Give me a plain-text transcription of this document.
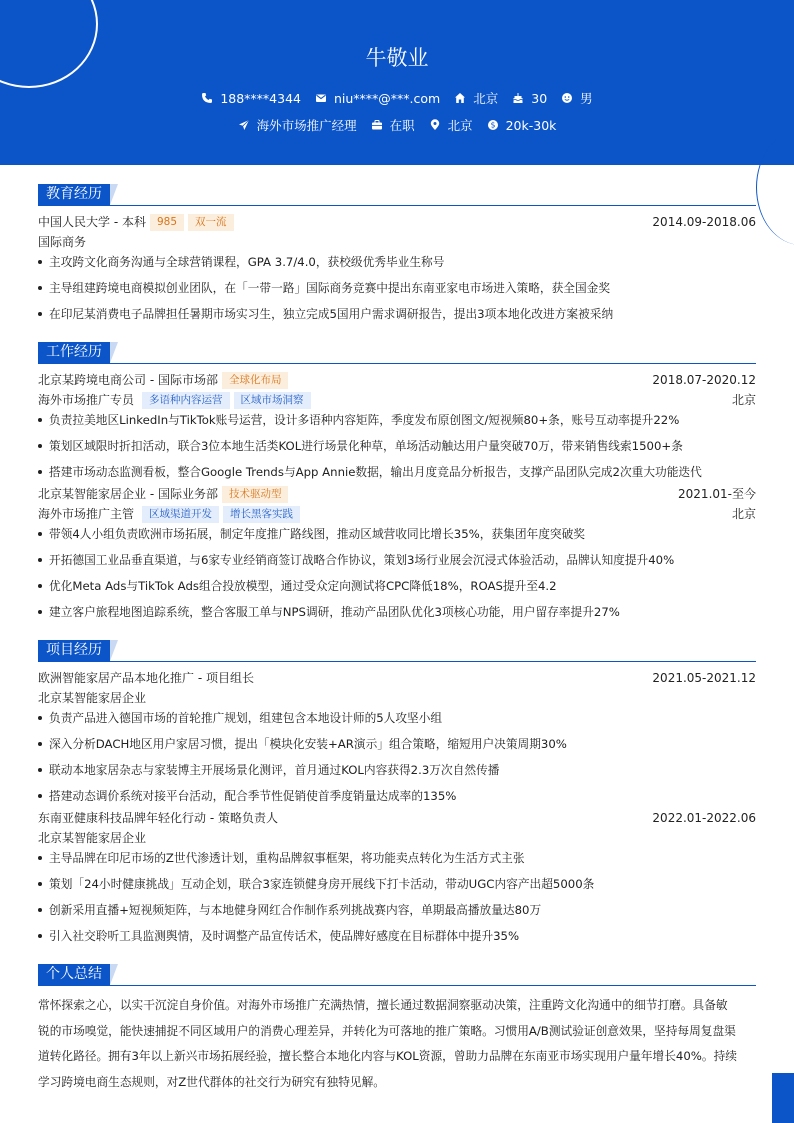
牛敬业
188****4344	niu****@***.com	北京	30	男
海外市场推广经理	在职	北京 $ 20k-30k
教育经历
中国人民大学 - 本科	985	双一流	2014.09-2018.06
国际商务
主攻跨文化商务沟通与全球营销课程，GPA 3.7/4.0，获校级优秀毕业生称号
主导组建跨境电商模拟创业团队，在「一带一路」国际商务竞赛中提出东南亚家电市场进入策略，获全国金奖
在印尼某消费电子品牌担任暑期市场实习生，独立完成5国用户需求调研报告，提出3项本地化改进方案被采纳
工作经历
北京某跨境电商公司 - 国际市场部	全球化布局	2018.07-2020.12
海外市场推广专员	多语种内容运营	区域市场洞察	北京
负责拉美地区LinkedIn与TikTok账号运营，设计多语种内容矩阵，季度发布原创图文/短视频80+条，账号互动率提升22%
策划区域限时折扣活动，联合3位本地生活类KOL进行场景化种草，单场活动触达用户量突破70万，带来销售线索1500+条
搭建市场动态监测看板，整合Google Trends与App Annie数据，输出月度竞品分析报告，支撑产品团队完成2次重大功能迭代
北京某智能家居企业 - 国际业务部	技术驱动型	2021.01-至今
海外市场推广主管	区域渠道开发	增长黑客实践	北京
带领4人小组负责欧洲市场拓展，制定年度推广路线图，推动区域营收同比增长35%，获集团年度突破奖
开拓德国工业品垂直渠道，与6家专业经销商签订战略合作协议，策划3场行业展会沉浸式体验活动，品牌认知度提升40%
优化Meta Ads与TikTok Ads组合投放模型，通过受众定向测试将CPC降低18%，ROAS提升至4.2
建立客户旅程地图追踪系统，整合客服工单与NPS调研，推动产品团队优化3项核心功能，用户留存率提升27%
项目经历
欧洲智能家居产品本地化推广 - 项目组长	2021.05-2021.12
北京某智能家居企业
负责产品进入德国市场的首轮推广规划，组建包含本地设计师的5人攻坚小组
深入分析DACH地区用户家居习惯，提出「模块化安装+AR演示」组合策略，缩短用户决策周期30%
联动本地家居杂志与家装博主开展场景化测评，首月通过KOL内容获得2.3万次自然传播
搭建动态调价系统对接平台活动，配合季节性促销使首季度销量达成率的135%
东南亚健康科技品牌年轻化行动 - 策略负责人	2022.01-2022.06
北京某智能家居企业
主导品牌在印尼市场的Z世代渗透计划，重构品牌叙事框架，将功能卖点转化为生活方式主张
策划「24小时健康挑战」互动企划，联合3家连锁健身房开展线下打卡活动，带动UGC内容产出超5000条
创新采用直播+短视频矩阵，与本地健身网红合作制作系列挑战赛内容，单期最高播放量达80万
引入社交聆听工具监测舆情，及时调整产品宣传话术，使品牌好感度在目标群体中提升35%
个人总结
常怀探索之心，以实干沉淀自身价值。对海外市场推广充满热情，擅长通过数据洞察驱动决策，注重跨文化沟通中的细节打磨。具备敏
锐的市场嗅觉，能快速捕捉不同区域用户的消费心理差异，并转化为可落地的推广策略。习惯用A/B测试验证创意效果，坚持每周复盘渠
道转化路径。拥有3年以上新兴市场拓展经验，擅长整合本地化内容与KOL资源，曾助力品牌在东南亚市场实现用户量年增长40%。持续
学习跨境电商生态规则，对Z世代群体的社交行为研究有独特见解。
